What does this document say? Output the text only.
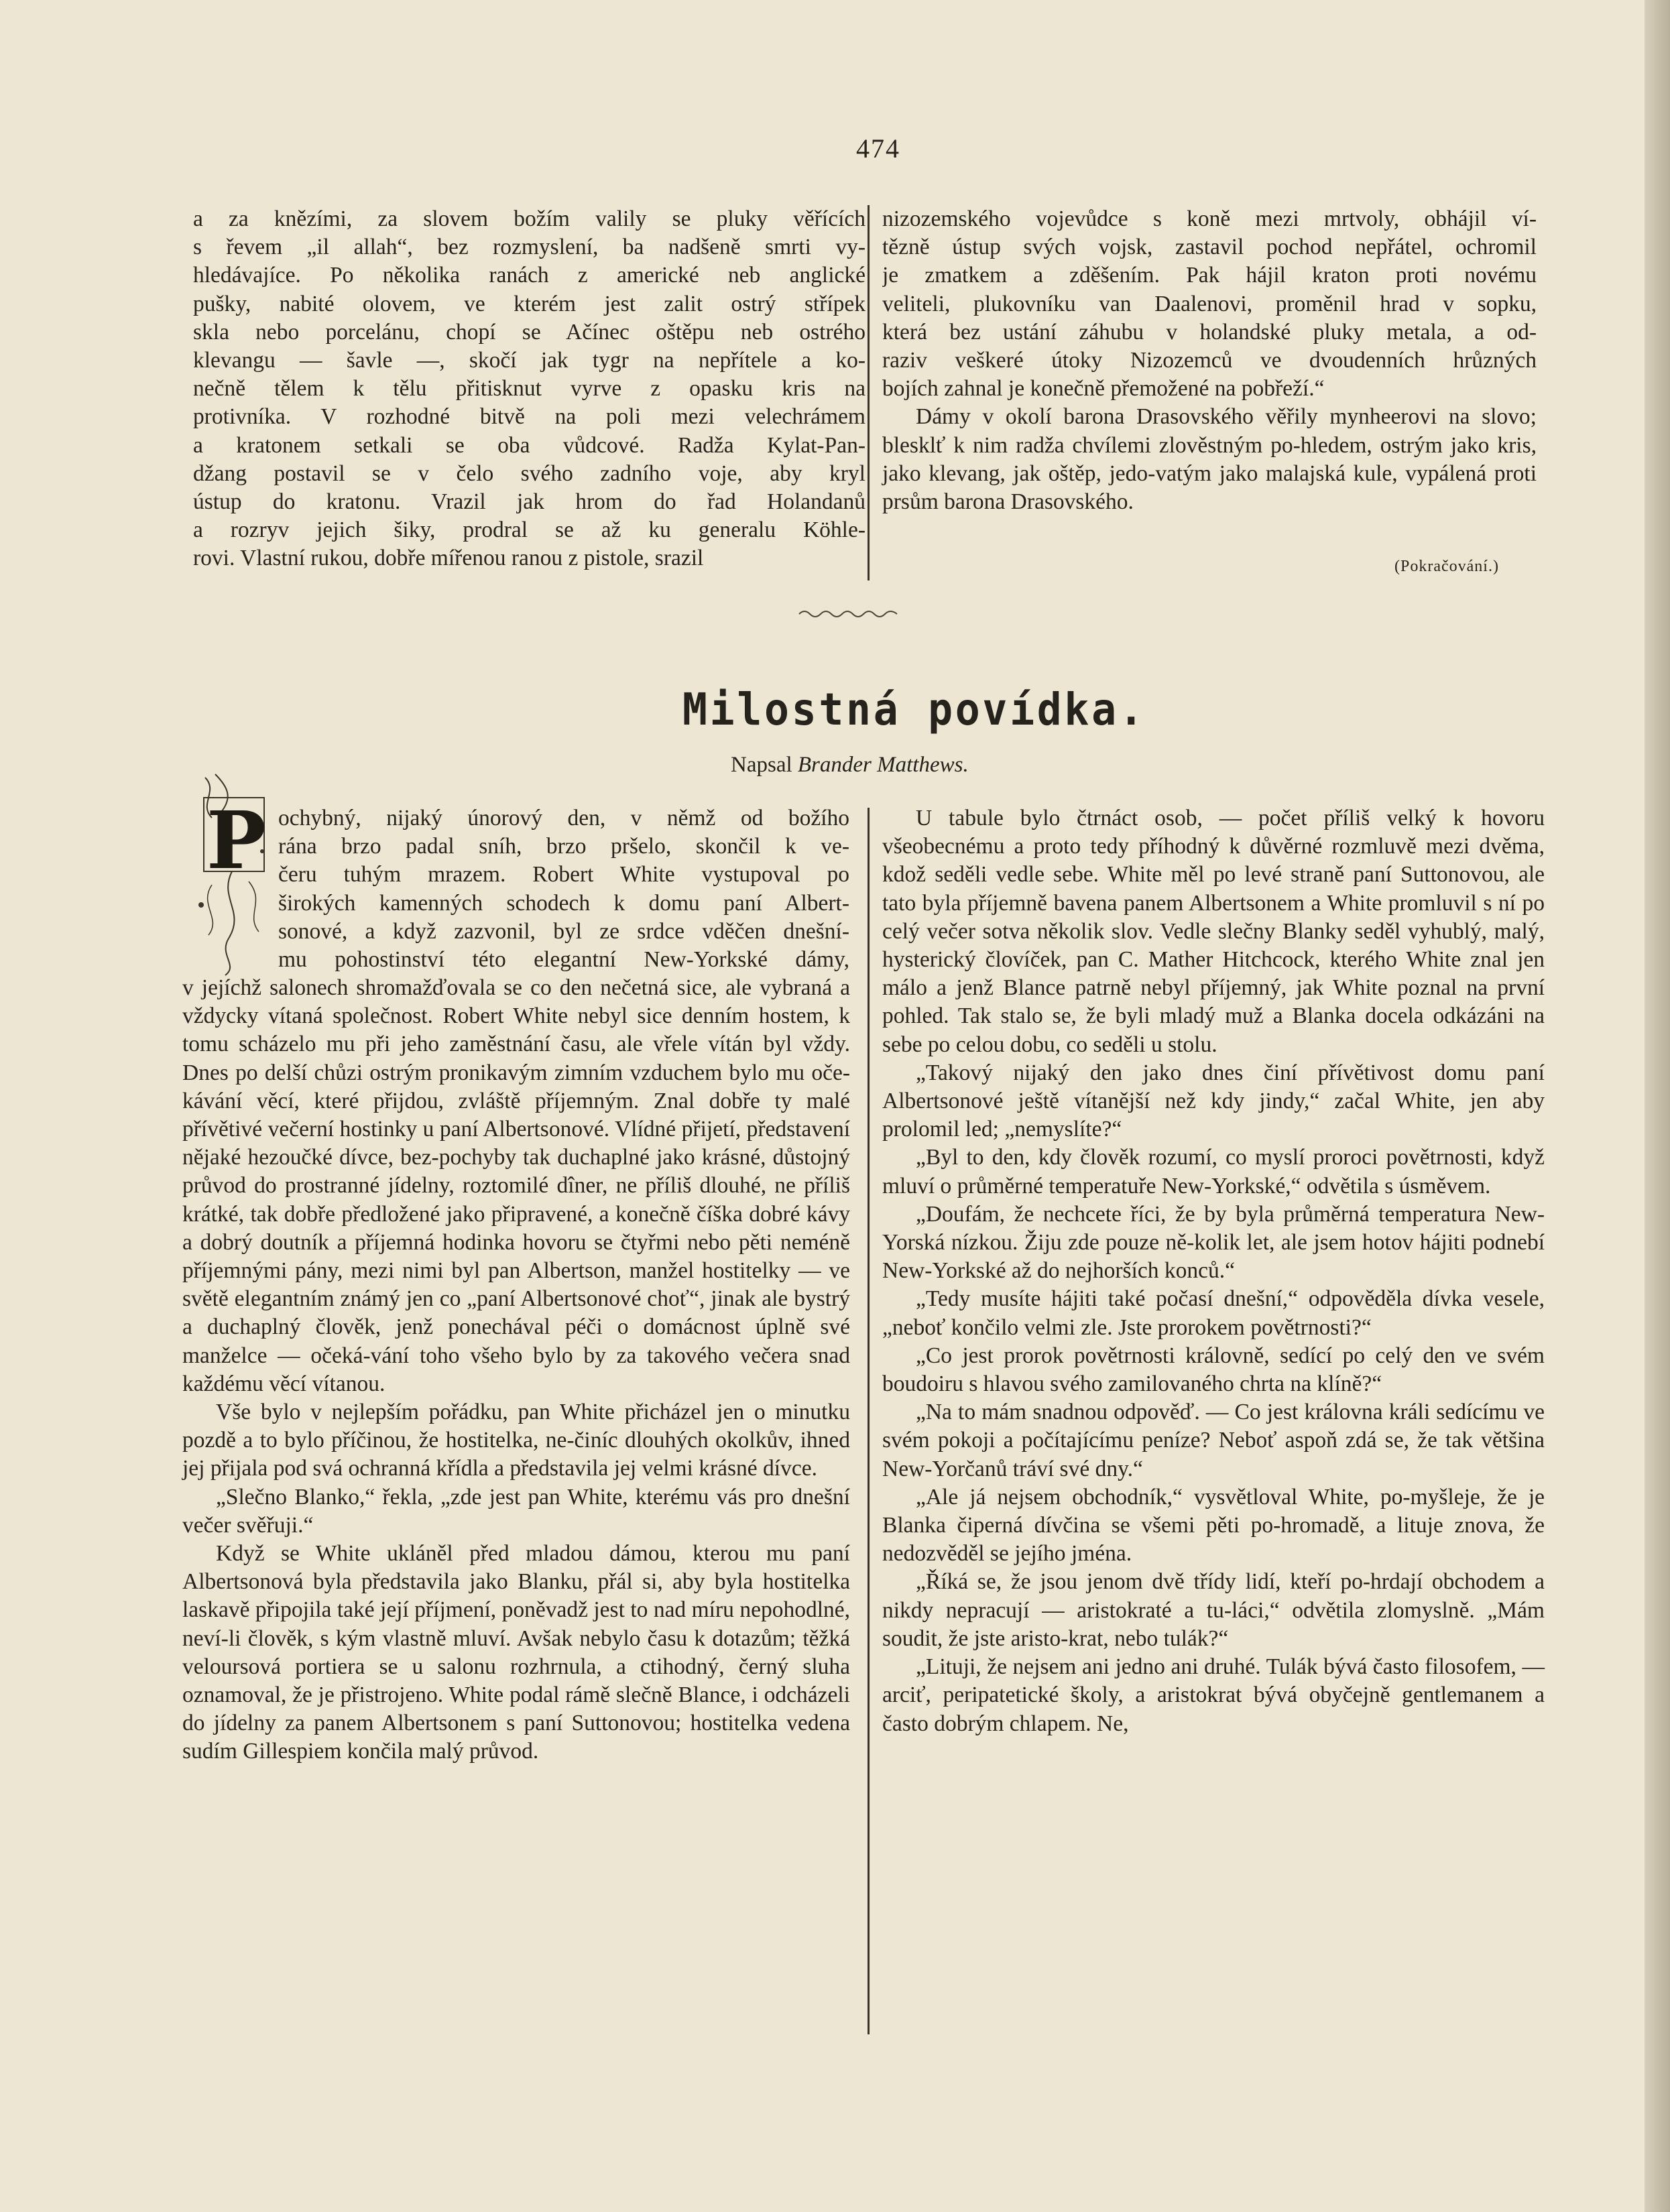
474
a za knězími, za slovem božím valily se pluky věřících
s řevem „il allah“, bez rozmyslení, ba nadšeně smrti vy-
hledávajíce. Po několika ranách z americké neb anglické
pušky, nabité olovem, ve kterém jest zalit ostrý střípek
skla nebo porcelánu, chopí se Ačínec oštěpu neb ostrého
klevangu — šavle —, skočí jak tygr na nepřítele a ko-
nečně tělem k tělu přitisknut vyrve z opasku kris na
protivníka. V rozhodné bitvě na poli mezi velechrámem
a kratonem setkali se oba vůdcové. Radža Kylat-Pan-
džang postavil se v čelo svého zadního voje, aby kryl
ústup do kratonu. Vrazil jak hrom do řad Holandanů
a rozryv jejich šiky, prodral se až ku generalu Köhle-
rovi. Vlastní rukou, dobře mířenou ranou z pistole, srazil
nizozemského vojevůdce s koně mezi mrtvoly, obhájil ví-
tězně ústup svých vojsk, zastavil pochod nepřátel, ochromil
je zmatkem a zděšením. Pak hájil kraton proti novému
veliteli, plukovníku van Daalenovi, proměnil hrad v sopku,
která bez ustání záhubu v holandské pluky metala, a od-
raziv veškeré útoky Nizozemců ve dvoudenních hrůzných
bojích zahnal je konečně přemožené na pobřeží.“

Dámy v okolí barona Drasovského věřily mynheerovi na slovo; blesklť k nim radža chvílemi zlověstným po-hledem, ostrým jako kris, jako klevang, jak oštěp, jedo-vatým jako malajská kule, vypálená proti prsům barona Drasovského.

(Pokračování.)
Milostná povídka.
Napsal Brander Matthews.
P ochybný, nijaký únorový den, v němž od božího
rána brzo padal sníh, brzo pršelo, skončil k ve-
čeru tuhým mrazem. Robert White vystupoval po
širokých kamenných schodech k domu paní Albert-
sonové, a když zazvonil, byl ze srdce vděčen dnešní-
mu pohostinství této elegantní New-Yorkské dámy,

v jejíchž salonech shromažďovala se co den nečetná sice, ale vybraná a vždycky vítaná společnost. Robert White nebyl sice denním hostem, k tomu scházelo mu při jeho zaměstnání času, ale vřele vítán byl vždy. Dnes po delší chůzi ostrým pronikavým zimním vzduchem bylo mu oče-kávání věcí, které přijdou, zvláště příjemným. Znal dobře ty malé přívětivé večerní hostinky u paní Albertsonové. Vlídné přijetí, představení nějaké hezoučké dívce, bez-pochyby tak duchaplné jako krásné, důstojný průvod do prostranné jídelny, roztomilé dîner, ne příliš dlouhé, ne příliš krátké, tak dobře předložené jako připravené, a konečně číška dobré kávy a dobrý doutník a příjemná hodinka hovoru se čtyřmi nebo pěti neméně příjemnými pány, mezi nimi byl pan Albertson, manžel hostitelky — ve světě elegantním známý jen co „paní Albertsonové choť“, jinak ale bystrý a duchaplný člověk, jenž ponechával péči o domácnost úplně své manželce — očeká-vání toho všeho bylo by za takového večera snad každému věcí vítanou.

Vše bylo v nejlepším pořádku, pan White přicházel jen o minutku pozdě a to bylo příčinou, že hostitelka, ne-činíc dlouhých okolkův, ihned jej přijala pod svá ochranná křídla a představila jej velmi krásné dívce.

„Slečno Blanko,“ řekla, „zde jest pan White, kterému vás pro dnešní večer svěřuji.“

Když se White ukláněl před mladou dámou, kterou mu paní Albertsonová byla představila jako Blanku, přál si, aby byla hostitelka laskavě připojila také její příjmení, poněvadž jest to nad míru nepohodlné, neví-li člověk, s kým vlastně mluví. Avšak nebylo času k dotazům; těžká veloursová portiera se u salonu rozhrnula, a ctihodný, černý sluha oznamoval, že je přistrojeno. White podal rámě slečně Blance, i odcházeli do jídelny za panem Albertsonem s paní Suttonovou; hostitelka vedena sudím Gillespiem končila malý průvod.

U tabule bylo čtrnáct osob, — počet příliš velký k hovoru všeobecnému a proto tedy příhodný k důvěrné rozmluvě mezi dvěma, kdož seděli vedle sebe. White měl po levé straně paní Suttonovou, ale tato byla příjemně bavena panem Albertsonem a White promluvil s ní po celý večer sotva několik slov. Vedle slečny Blanky seděl vyhublý, malý, hysterický človíček, pan C. Mather Hitchcock, kterého White znal jen málo a jenž Blance patrně nebyl příjemný, jak White poznal na první pohled. Tak stalo se, že byli mladý muž a Blanka docela odkázáni na sebe po celou dobu, co seděli u stolu.

„Takový nijaký den jako dnes činí přívětivost domu paní Albertsonové ještě vítanější než kdy jindy,“ začal White, jen aby prolomil led; „nemyslíte?“

„Byl to den, kdy člověk rozumí, co myslí proroci povětrnosti, když mluví o průměrné temperatuře New-Yorkské,“ odvětila s úsměvem.

„Doufám, že nechcete říci, že by byla průměrná temperatura New-Yorská nízkou. Žiju zde pouze ně-kolik let, ale jsem hotov hájiti podnebí New-Yorkské až do nejhorších konců.“

„Tedy musíte hájiti také počasí dnešní,“ odpověděla dívka vesele, „neboť končilo velmi zle. Jste prorokem povětrnosti?“

„Co jest prorok povětrnosti královně, sedící po celý den ve svém boudoiru s hlavou svého zamilovaného chrta na klíně?“

„Na to mám snadnou odpověď. — Co jest královna králi sedícímu ve svém pokoji a počítajícímu peníze? Neboť aspoň zdá se, že tak většina New-Yorčanů tráví své dny.“

„Ale já nejsem obchodník,“ vysvětloval White, po-myšleje, že je Blanka čiperná dívčina se všemi pěti po-hromadě, a lituje znova, že nedozvěděl se jejího jména.

„Říká se, že jsou jenom dvě třídy lidí, kteří po-hrdají obchodem a nikdy nepracují — aristokraté a tu-láci,“ odvětila zlomyslně. „Mám soudit, že jste aristo-krat, nebo tulák?“

„Lituji, že nejsem ani jedno ani druhé. Tulák bývá často filosofem, — arciť, peripatetické školy, a aristokrat bývá obyčejně gentlemanem a často dobrým chlapem. Ne,
